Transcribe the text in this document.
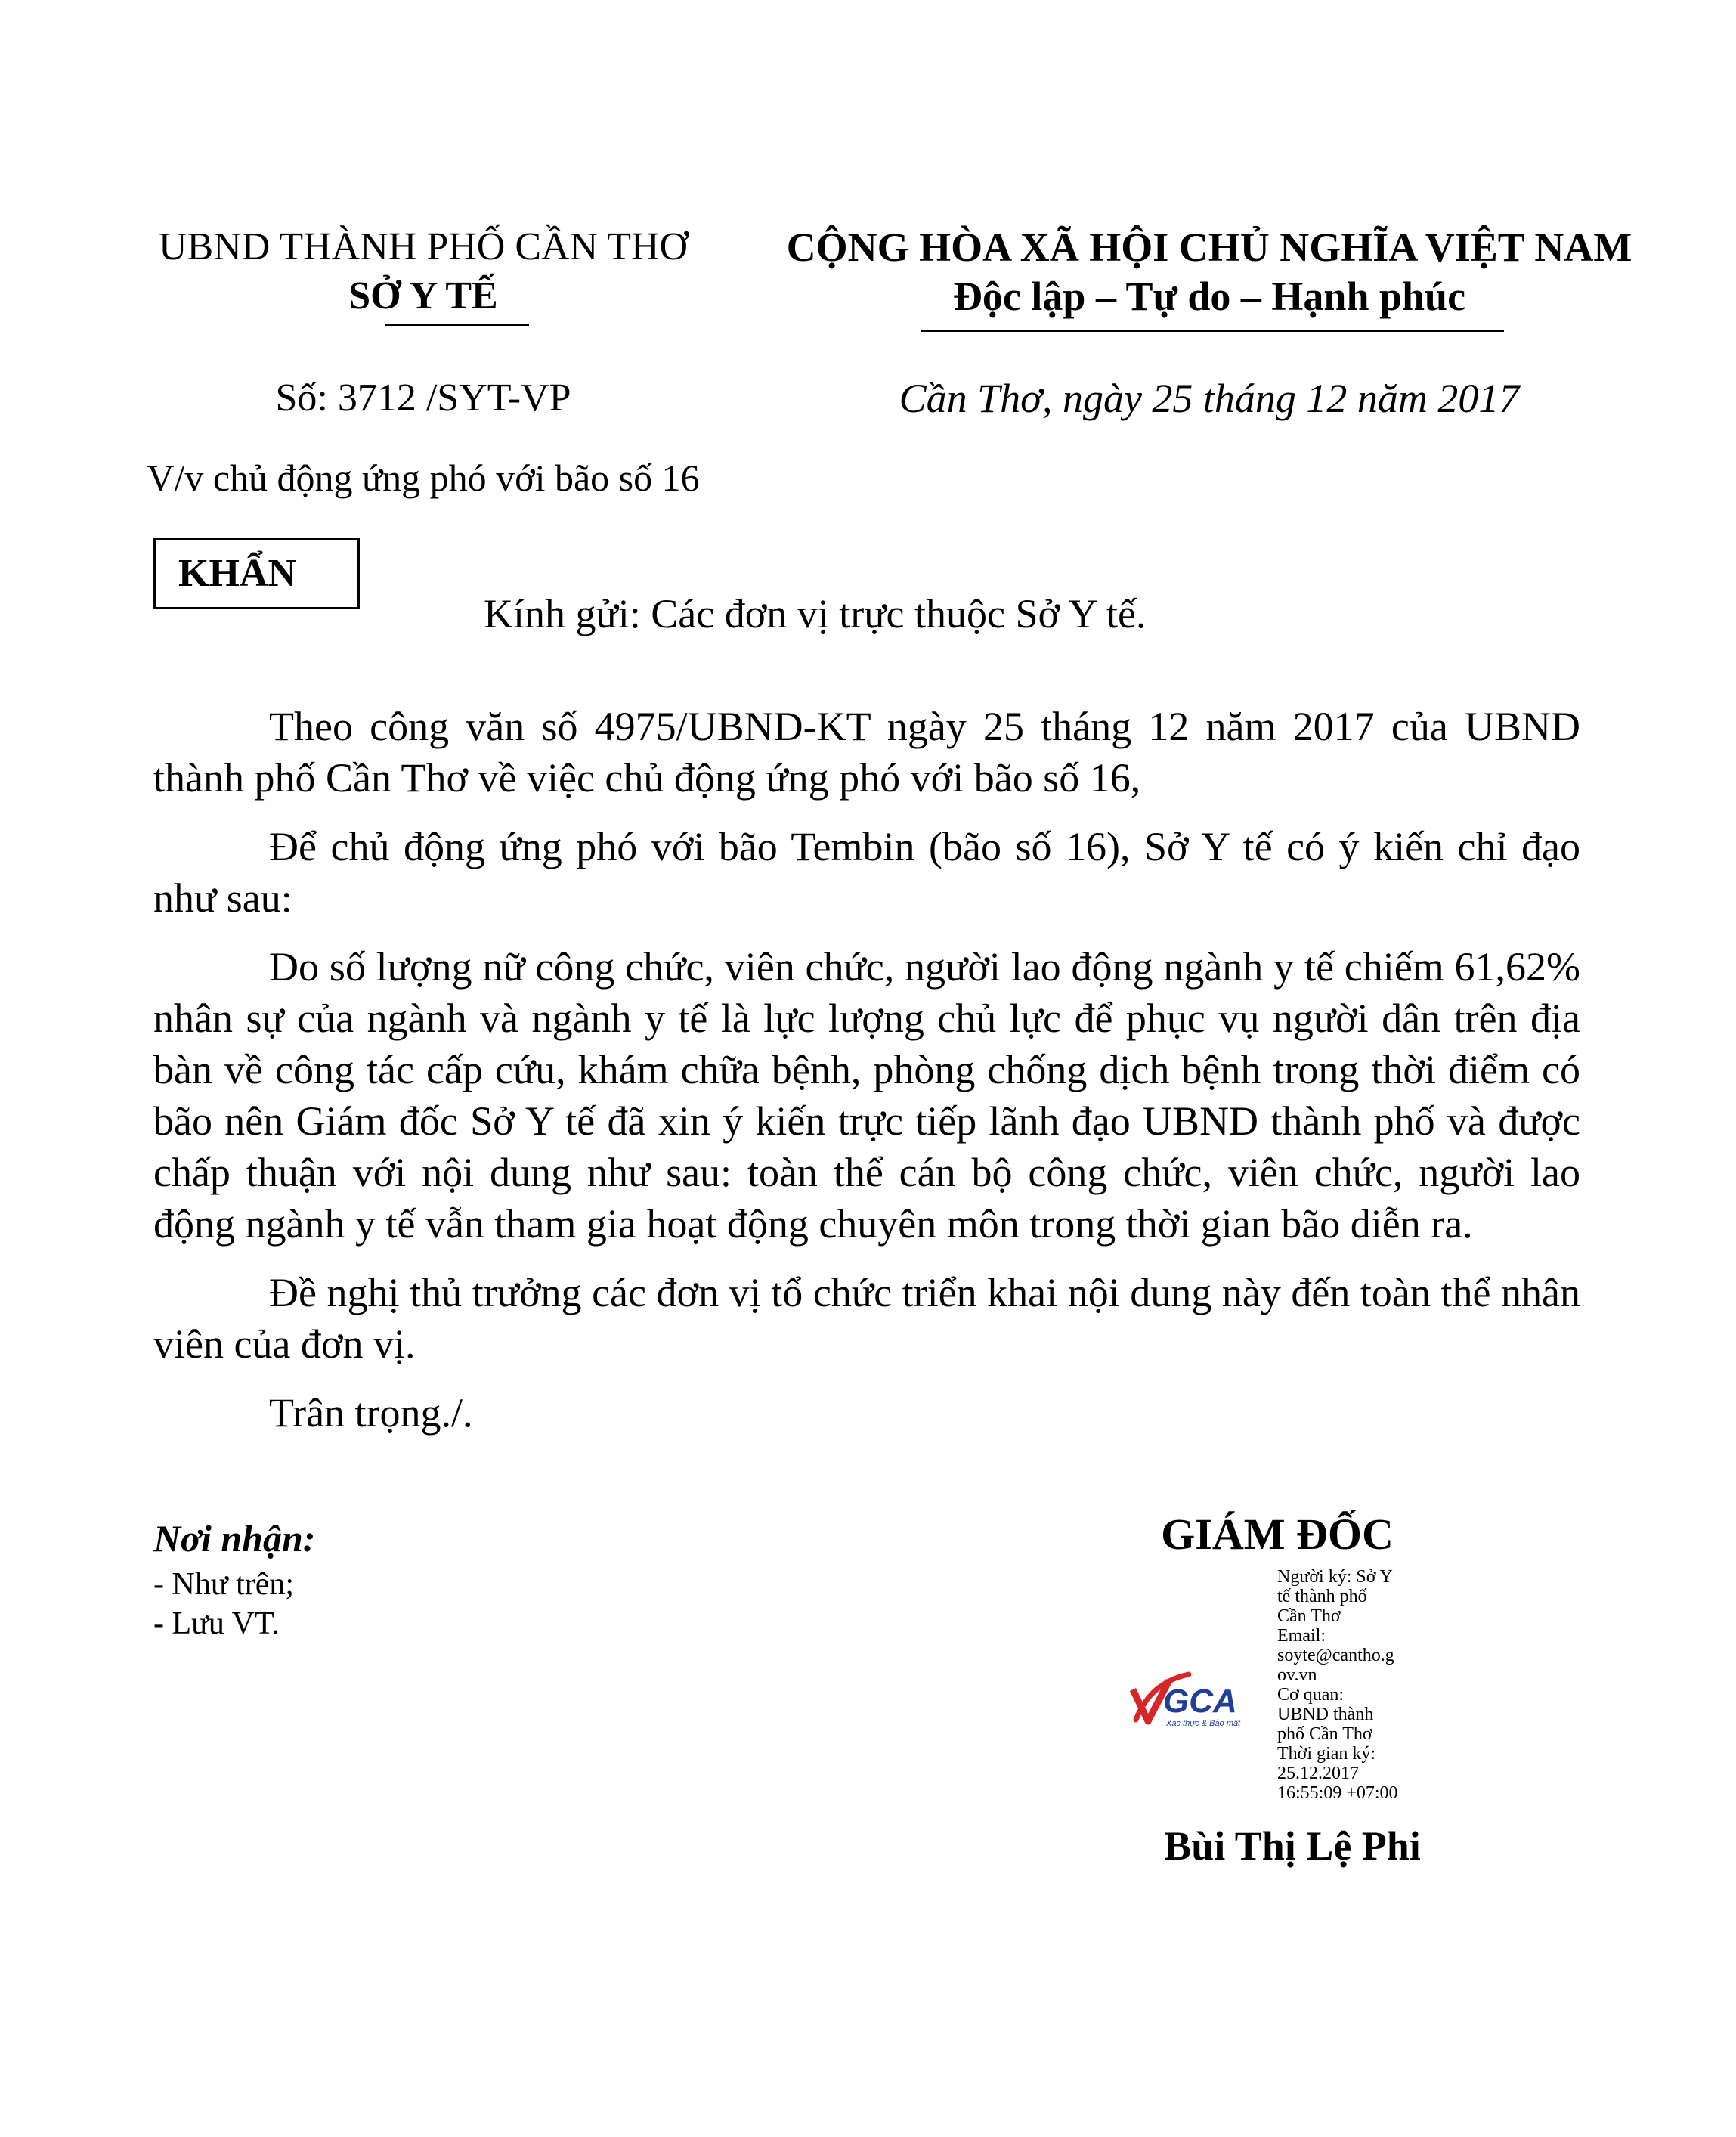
UBND THÀNH PHỐ CẦN THƠ
SỞ Y TẾ
CỘNG HÒA XÃ HỘI CHỦ NGHĨA VIỆT NAM
Độc lập – Tự do – Hạnh phúc
Số: 3712 /SYT-VP	Cần Thơ, ngày 25 tháng 12 năm 2017
V/v chủ động ứng phó với bão số 16
KHẨN
Kính gửi: Các đơn vị trực thuộc Sở Y tế.

Theo công văn số 4975/UBND-KT ngày 25 tháng 12 năm 2017 của UBND thành phố Cần Thơ về việc chủ động ứng phó với bão số 16,

Để chủ động ứng phó với bão Tembin (bão số 16), Sở Y tế có ý kiến chỉ đạo như sau:

Do số lượng nữ công chức, viên chức, người lao động ngành y tế chiếm 61,62% nhân sự của ngành và ngành y tế là lực lượng chủ lực để phục vụ người dân trên địa bàn về công tác cấp cứu, khám chữa bệnh, phòng chống dịch bệnh trong thời điểm có bão nên Giám đốc Sở Y tế đã xin ý kiến trực tiếp lãnh đạo UBND thành phố và được chấp thuận với nội dung như sau: toàn thể cán bộ công chức, viên chức, người lao động ngành y tế vẫn tham gia hoạt động chuyên môn trong thời gian bão diễn ra.

Đề nghị thủ trưởng các đơn vị tổ chức triển khai nội dung này đến toàn thể nhân viên của đơn vị.

Trân trọng./.

Nơi nhận:
- Như trên;
- Lưu VT.
GIÁM ĐỐC
GCA
Xác thực & Bảo mật
Người ký: Sở Y
tế thành phố
Cần Thơ
Email:
soyte@cantho.g
ov.vn
Cơ quan:
UBND thành
phố Cần Thơ
Thời gian ký:
25.12.2017
16:55:09 +07:00
Bùi Thị Lệ Phi
